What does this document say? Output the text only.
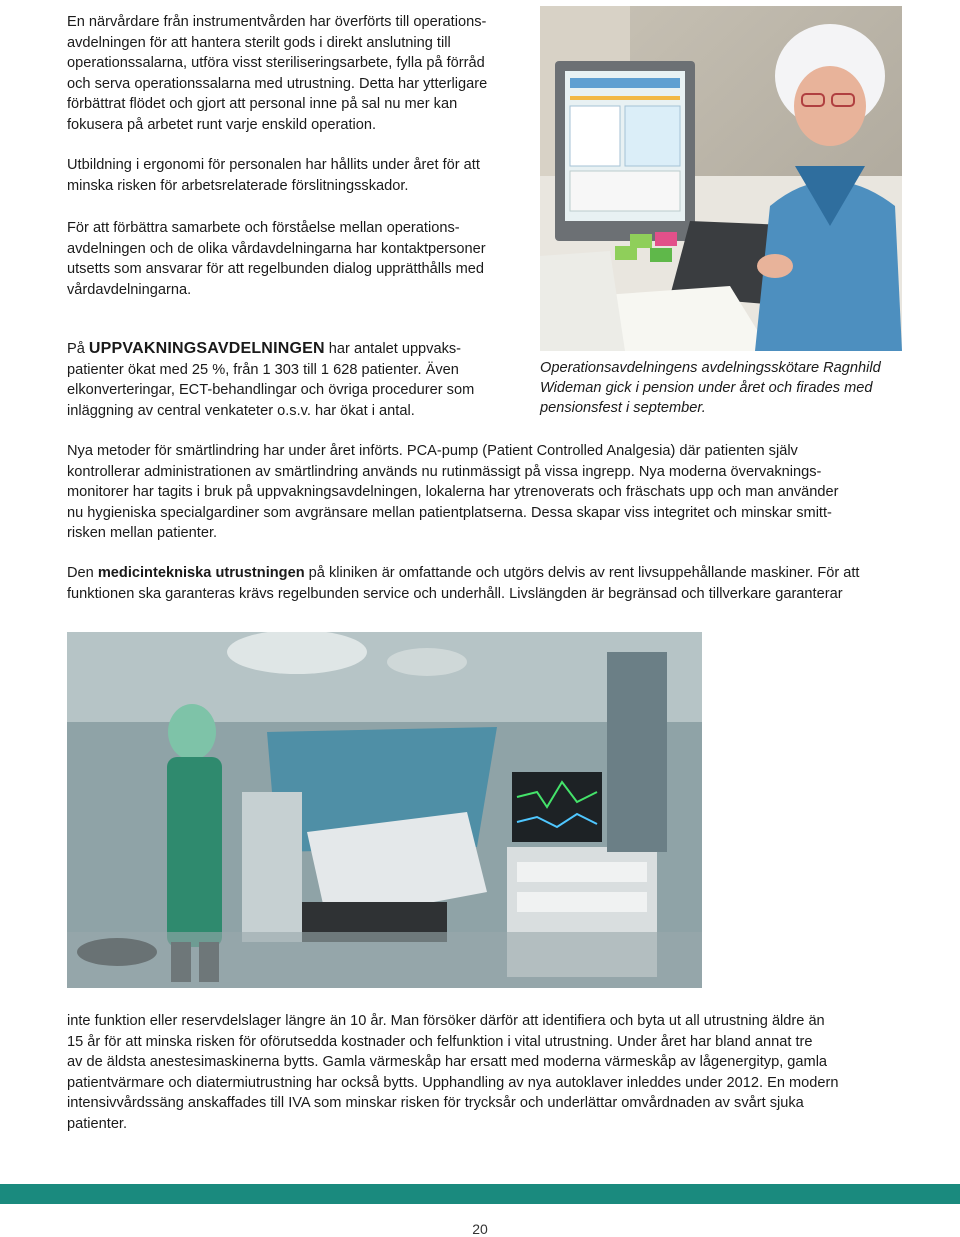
En närvårdare från instrumentvården har överförts till operations-
avdelningen för att hantera sterilt gods i direkt anslutning till
operationssalarna, utföra visst steriliseringsarbete, fylla på förråd
och serva operationssalarna med utrustning. Detta har ytterligare
förbättrat flödet och gjort att personal inne på sal nu mer kan
fokusera på arbetet runt varje enskild operation.

Utbildning i ergonomi för personalen har hållits under året för att
minska risken för arbetsrelaterade förslitningsskador.

För att förbättra samarbete och förståelse mellan operations-
avdelningen och de olika vårdavdelningarna har kontaktpersoner
utsetts som ansvarar för att regelbunden dialog upprätthålls med
vårdavdelningarna.

På UPPVAKNINGSAVDELNINGEN har antalet uppvaks-
patienter ökat med 25 %, från 1 303 till 1 628 patienter. Även
elkonverteringar, ECT-behandlingar och övriga procedurer som
inläggning av central venkateter o.s.v. har ökat i antal.

Operationsavdelningens avdelningsskötare Ragnhild
Wideman gick i pension under året och firades med
pensionsfest i september.

Nya metoder för smärtlindring har under året införts. PCA-pump (Patient Controlled Analgesia) där patienten själv
kontrollerar administrationen av smärtlindring används nu rutinmässigt på vissa ingrepp. Nya moderna övervaknings-
monitorer har tagits i bruk på uppvakningsavdelningen, lokalerna har ytrenoverats och fräschats upp och man använder
nu hygieniska specialgardiner som avgränsare mellan patientplatserna. Dessa skapar viss integritet och minskar smitt-
risken mellan patienter.

Den medicintekniska utrustningen på kliniken är omfattande och utgörs delvis av rent livsuppehållande maskiner. För att
funktionen ska garanteras krävs regelbunden service och underhåll. Livslängden är begränsad och tillverkare garanterar

inte funktion eller reservdelslager längre än 10 år. Man försöker därför att identifiera och byta ut all utrustning äldre än
15 år för att minska risken för oförutsedda kostnader och felfunktion i vital utrustning. Under året har bland annat tre
av de äldsta anestesimaskinerna bytts. Gamla värmeskåp har ersatt med moderna värmeskåp av lågenergityp, gamla
patientvärmare och diatermiutrustning har också bytts. Upphandling av nya autoklaver inleddes under 2012. En modern
intensivvårdssäng anskaffades till IVA som minskar risken för trycksår och underlättar omvårdnaden av svårt sjuka
patienter.

20
